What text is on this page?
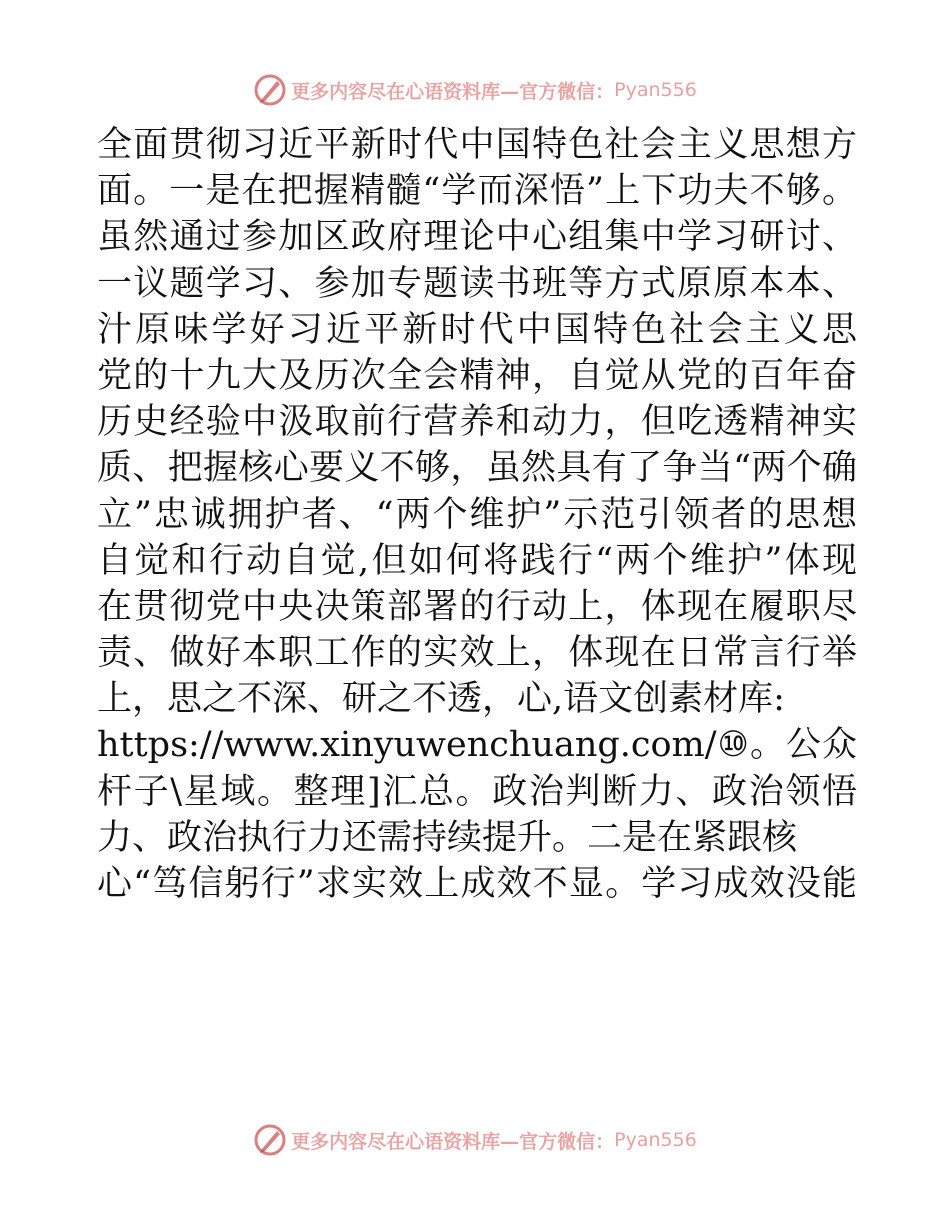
更多内容尽在心语资料库—官方微信： Pyan556
全面贯彻习近平新时代中国特色社会主义思想方
面。一是在把握精髓“学而深悟”上下功夫不够。
虽然通过参加区政府理论中心组集中学习研讨、
一议题学习、参加专题读书班等方式原原本本、
汁原味学好习近平新时代中国特色社会主义思
党的十九大及历次全会精神，自觉从党的百年奋
历史经验中汲取前行营养和动力，但吃透精神实
质、把握核心要义不够，虽然具有了争当“两个确
立”忠诚拥护者、“两个维护”示范引领者的思想
自觉和行动自觉,但如何将践行“两个维护”体现
在贯彻党中央决策部署的行动上，体现在履职尽
责、做好本职工作的实效上，体现在日常言行举
上，思之不深、研之不透，心,语文创素材库:
https://www.xinyuwenchuang.com/⑩。公众
杆子\星域。整理]汇总。政治判断力、政治领悟
力、政治执行力还需持续提升。二是在紧跟核
心“笃信躬行”求实效上成效不显。学习成效没能
更多内容尽在心语资料库—官方微信： Pyan556
